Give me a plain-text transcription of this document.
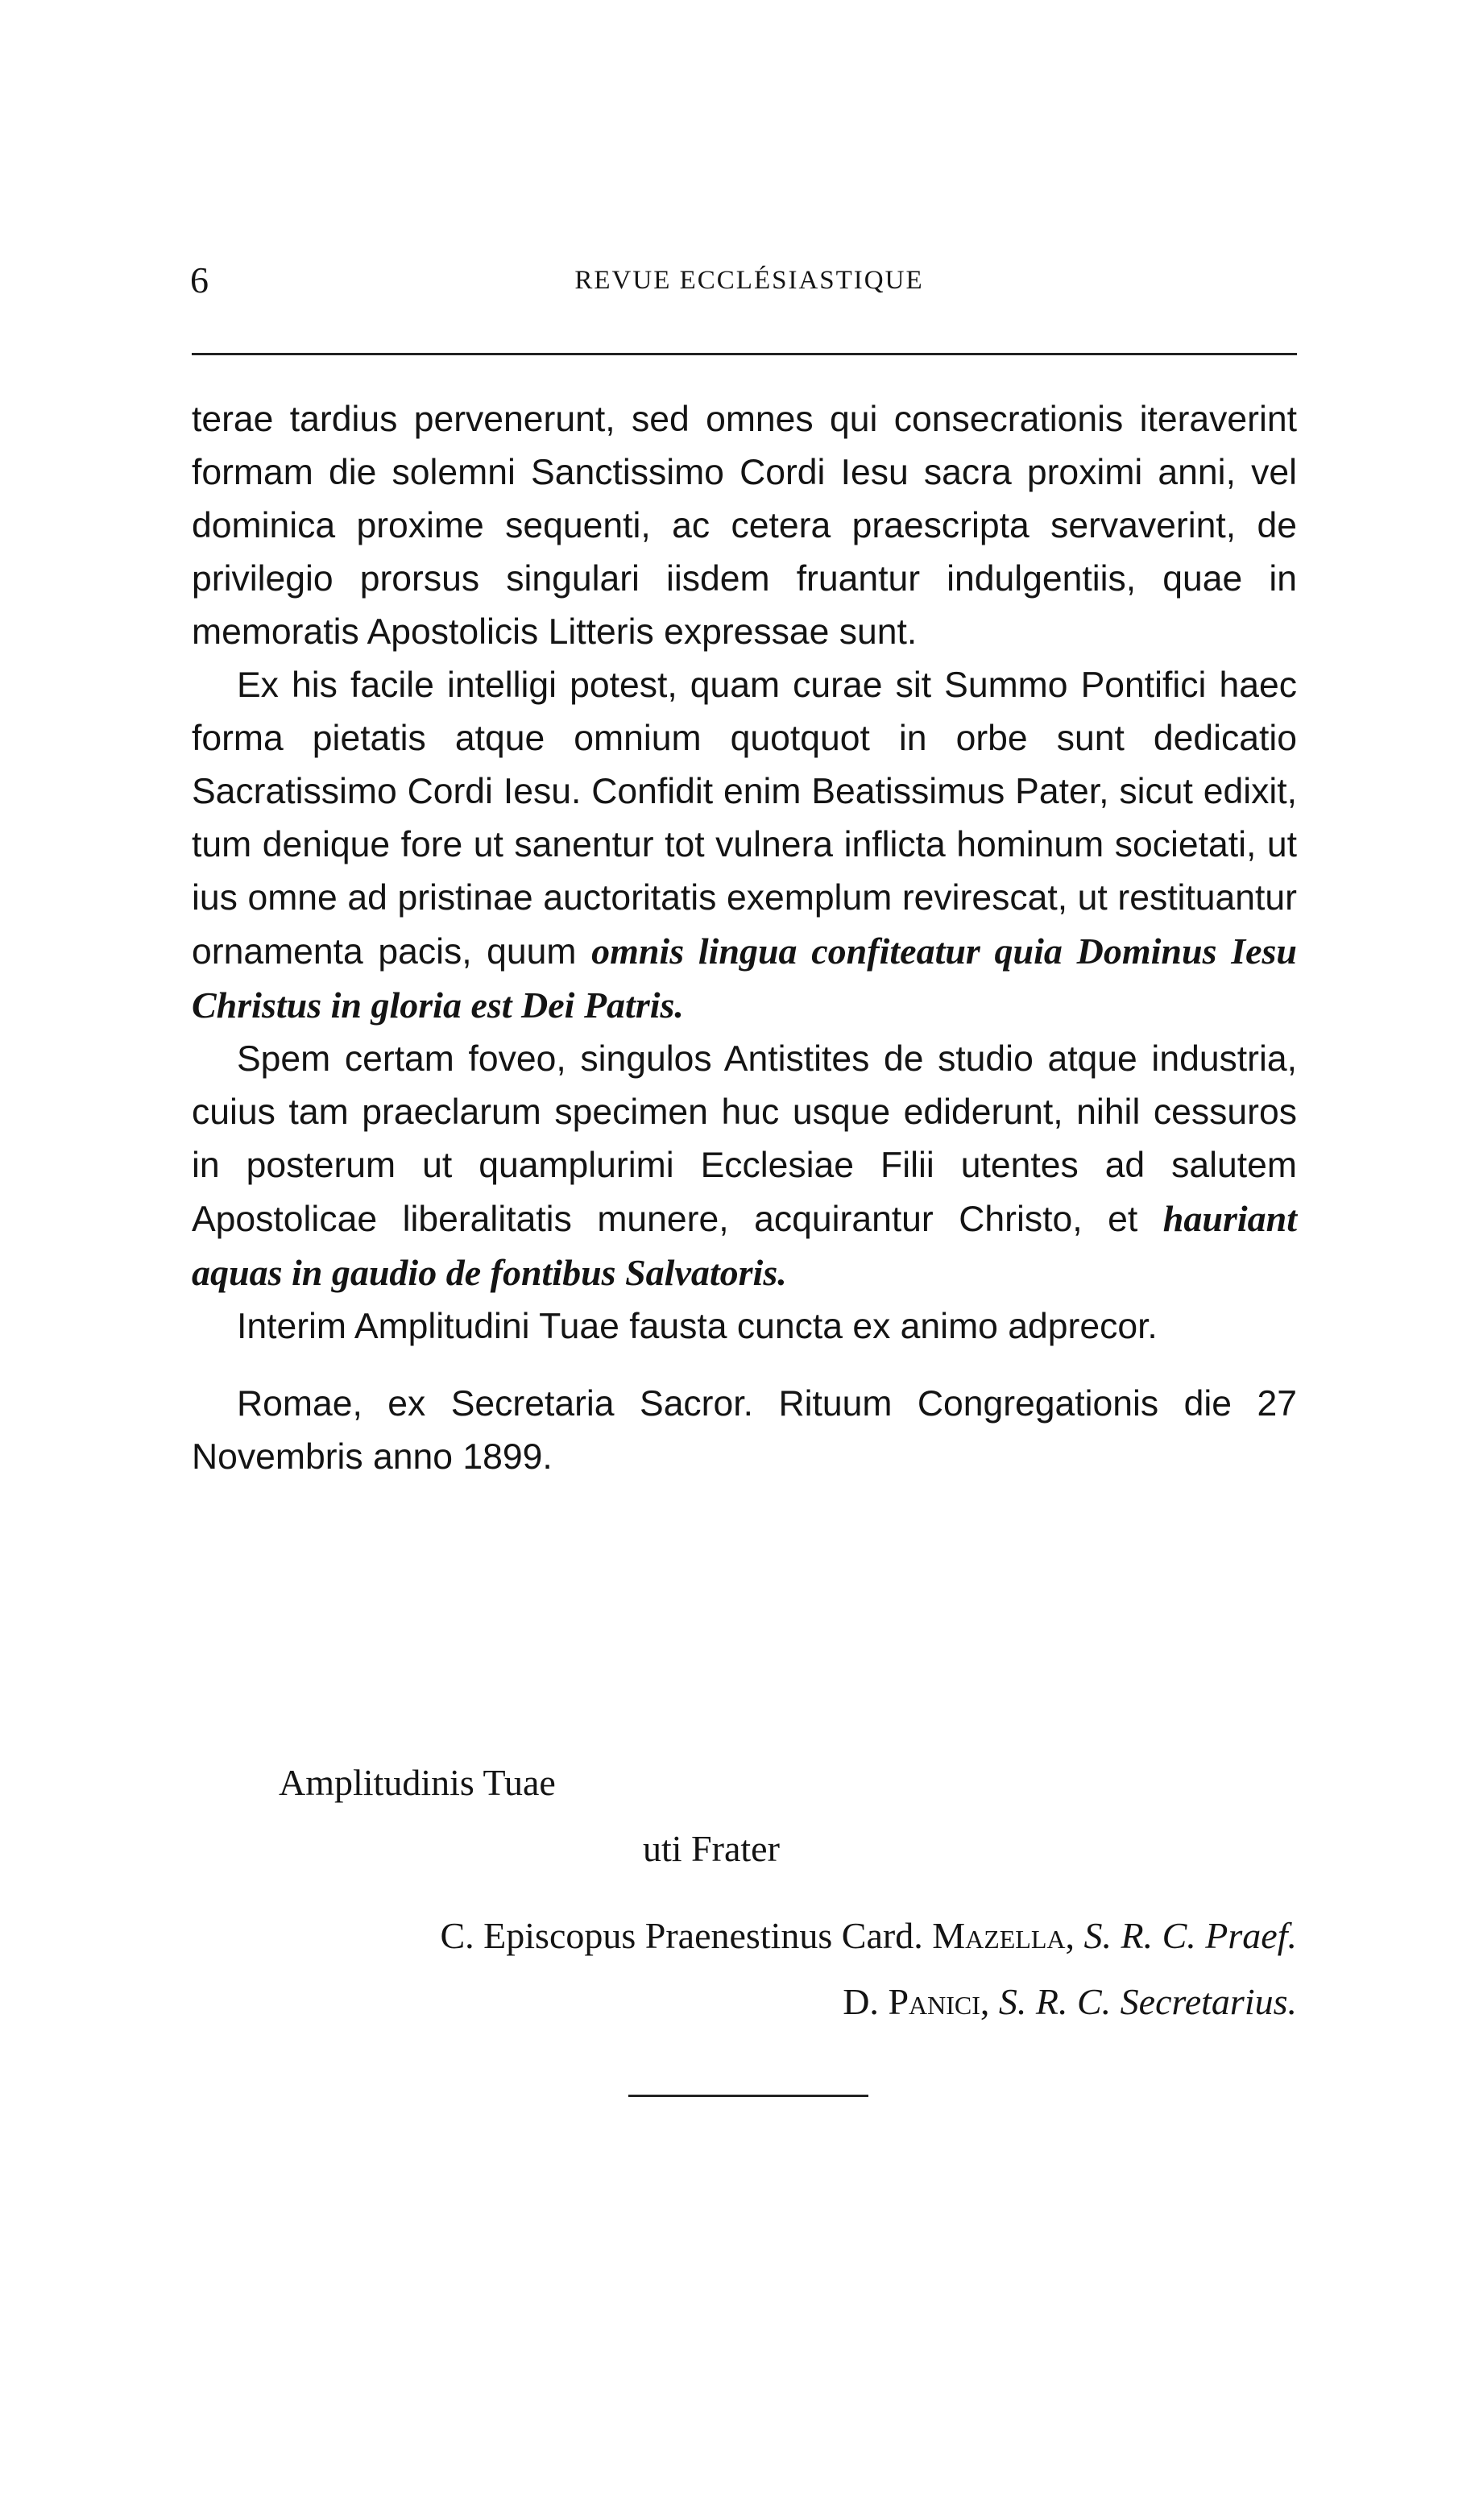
6	REVUE ECCLÉSIASTIQUE

terae tardius pervenerunt, sed omnes qui consecrationis iteraverint formam die solemni Sanctissimo Cordi Iesu sacra proximi anni, vel dominica proxime sequenti, ac cetera praescripta servaverint, de privilegio prorsus singulari iisdem fruantur indulgentiis, quae in memoratis Apostolicis Litteris expressae sunt.

Ex his facile intelligi potest, quam curae sit Summo Pontifici haec forma pietatis atque omnium quotquot in orbe sunt dedicatio Sacratissimo Cordi Iesu. Confidit enim Beatissimus Pater, sicut edixit, tum denique fore ut sanentur tot vulnera inflicta hominum societati, ut ius omne ad pristinae auctoritatis exemplum revirescat, ut restituantur ornamenta pacis, quum omnis lingua confiteatur quia Dominus Iesu Christus in gloria est Dei Patris.

Spem certam foveo, singulos Antistites de studio atque industria, cuius tam praeclarum specimen huc usque ediderunt, nihil cessuros in posterum ut quamplurimi Ecclesiae Filii utentes ad salutem Apostolicae liberalitatis munere, acquirantur Christo, et hauriant aquas in gaudio de fontibus Salvatoris.

Interim Amplitudini Tuae fausta cuncta ex animo adprecor.

Romae, ex Secretaria Sacror. Rituum Congregationis die 27 Novembris anno 1899.

Amplitudinis Tuae
uti Frater
C. Episcopus Praenestinus Card. Mazella, S. R. C. Praef.
D. Panici, S. R. C. Secretarius.
